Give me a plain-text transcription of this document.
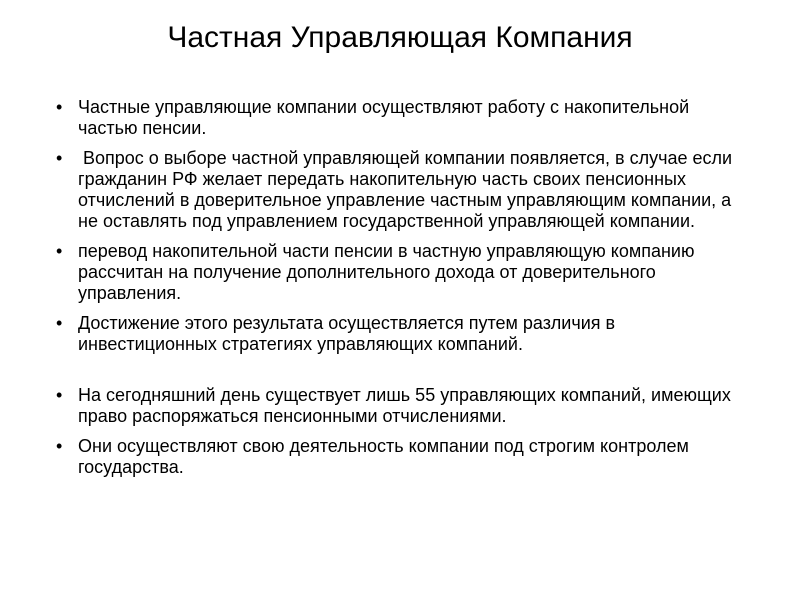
Частная Управляющая Компания
• Частные управляющие компании осуществляют работу с накопительной частью пенсии.
• Вопрос о выборе частной управляющей компании появляется, в случае если гражданин РФ желает передать накопительную часть своих пенсионных отчислений в доверительное управление частным управляющим компании, а не оставлять под управлением государственной управляющей компании.
• перевод накопительной части пенсии в частную управляющую компанию рассчитан на получение дополнительного дохода от доверительного управления.
• Достижение этого результата осуществляется путем различия в инвестиционных стратегиях управляющих компаний.
• На сегодняшний день существует лишь 55 управляющих компаний, имеющих право распоряжаться пенсионными отчислениями.
• Они осуществляют свою деятельность компании под строгим контролем государства.
